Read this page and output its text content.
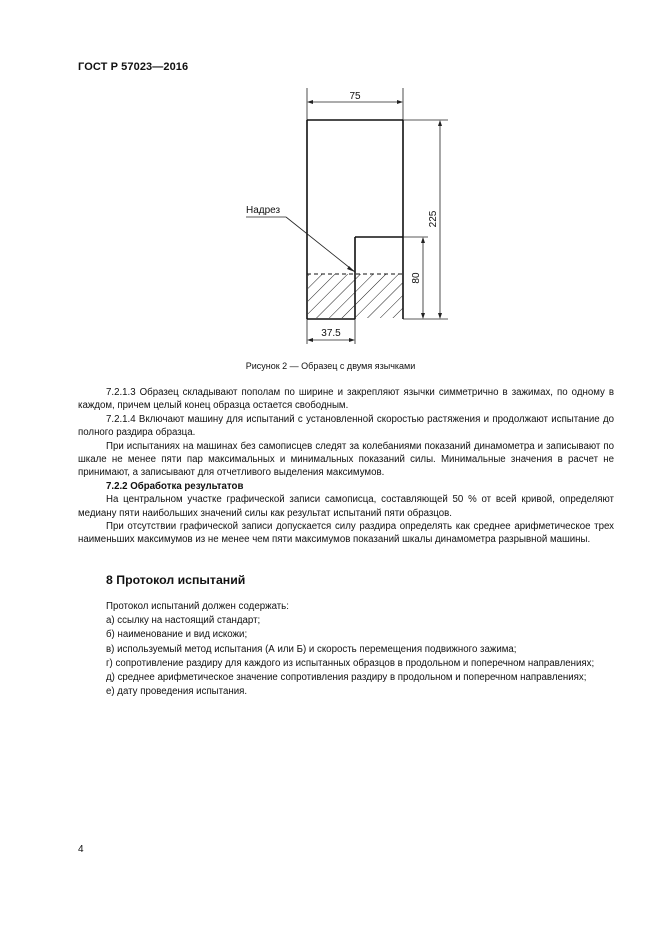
ГОСТ Р 57023—2016
75
225
80
37.5
Надрез
Рисунок 2 — Образец с двумя язычками

7.2.1.3 Образец складывают пополам по ширине и закрепляют язычки симметрично в зажимах, по одному в каждом, причем целый конец образца остается свободным.

7.2.1.4 Включают машину для испытаний с установленной скоростью растяжения и продолжают испытание до полного раздира образца.

При испытаниях на машинах без самописцев следят за колебаниями показаний динамометра и записывают по шкале не менее пяти пар максимальных и минимальных показаний силы. Минимальные значения в расчет не принимают, а записывают для отчетливого выделения максимумов.

7.2.2 Обработка результатов

На центральном участке графической записи самописца, составляющей 50 % от всей кривой, определяют медиану пяти наибольших значений силы как результат испытаний пяти образцов.

При отсутствии графической записи допускается силу раздира определять как среднее арифметическое трех наименьших максимумов из не менее чем пяти максимумов показаний шкалы динамометра разрывной машины.

8 Протокол испытаний

Протокол испытаний должен содержать:

а) ссылку на настоящий стандарт;

б) наименование и вид искожи;

в) используемый метод испытания (А или Б) и скорость перемещения подвижного зажима;

г) сопротивление раздиру для каждого из испытанных образцов в продольном и поперечном направлениях;

д) среднее арифметическое значение сопротивления раздиру в продольном и поперечном направлениях;

е) дату проведения испытания.

4
